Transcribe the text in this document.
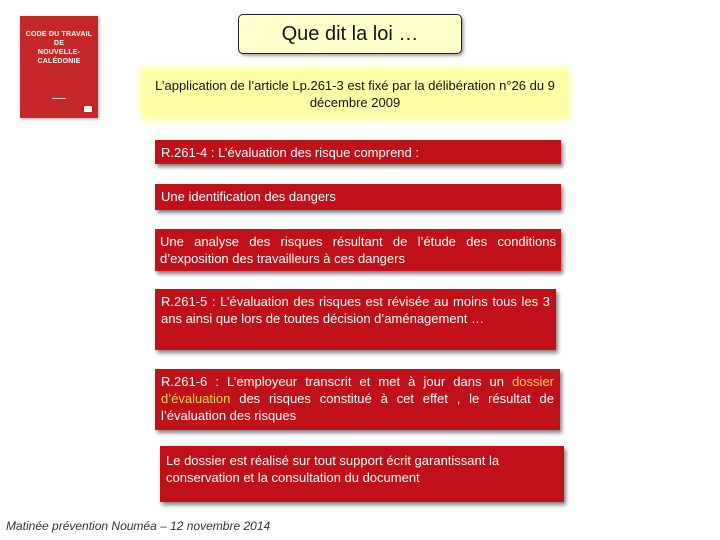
CODE DU TRAVAIL
DE
NOUVELLE-CALÉDONIE
▬▬▬▬
Que dit la loi …
L’application de l’article Lp.261-3 est fixé par la délibération n°26 du 9 décembre 2009
R.261-4 : L’évaluation des risque comprend :
Une identification des dangers
Une analyse des risques résultant de l’étude des conditions d’exposition des travailleurs à ces dangers
R.261-5 : L’évaluation des risques est révisée au moins tous les 3 ans ainsi que lors de toutes décision d’aménagement …
R.261-6 : L’employeur transcrit et met à jour dans un dossier d’évaluation des risques constitué à cet effet , le résultat de l’évaluation des risques
Le dossier est réalisé sur tout support écrit garantissant la conservation et la consultation du document
Matinée prévention Nouméa – 12 novembre 2014
